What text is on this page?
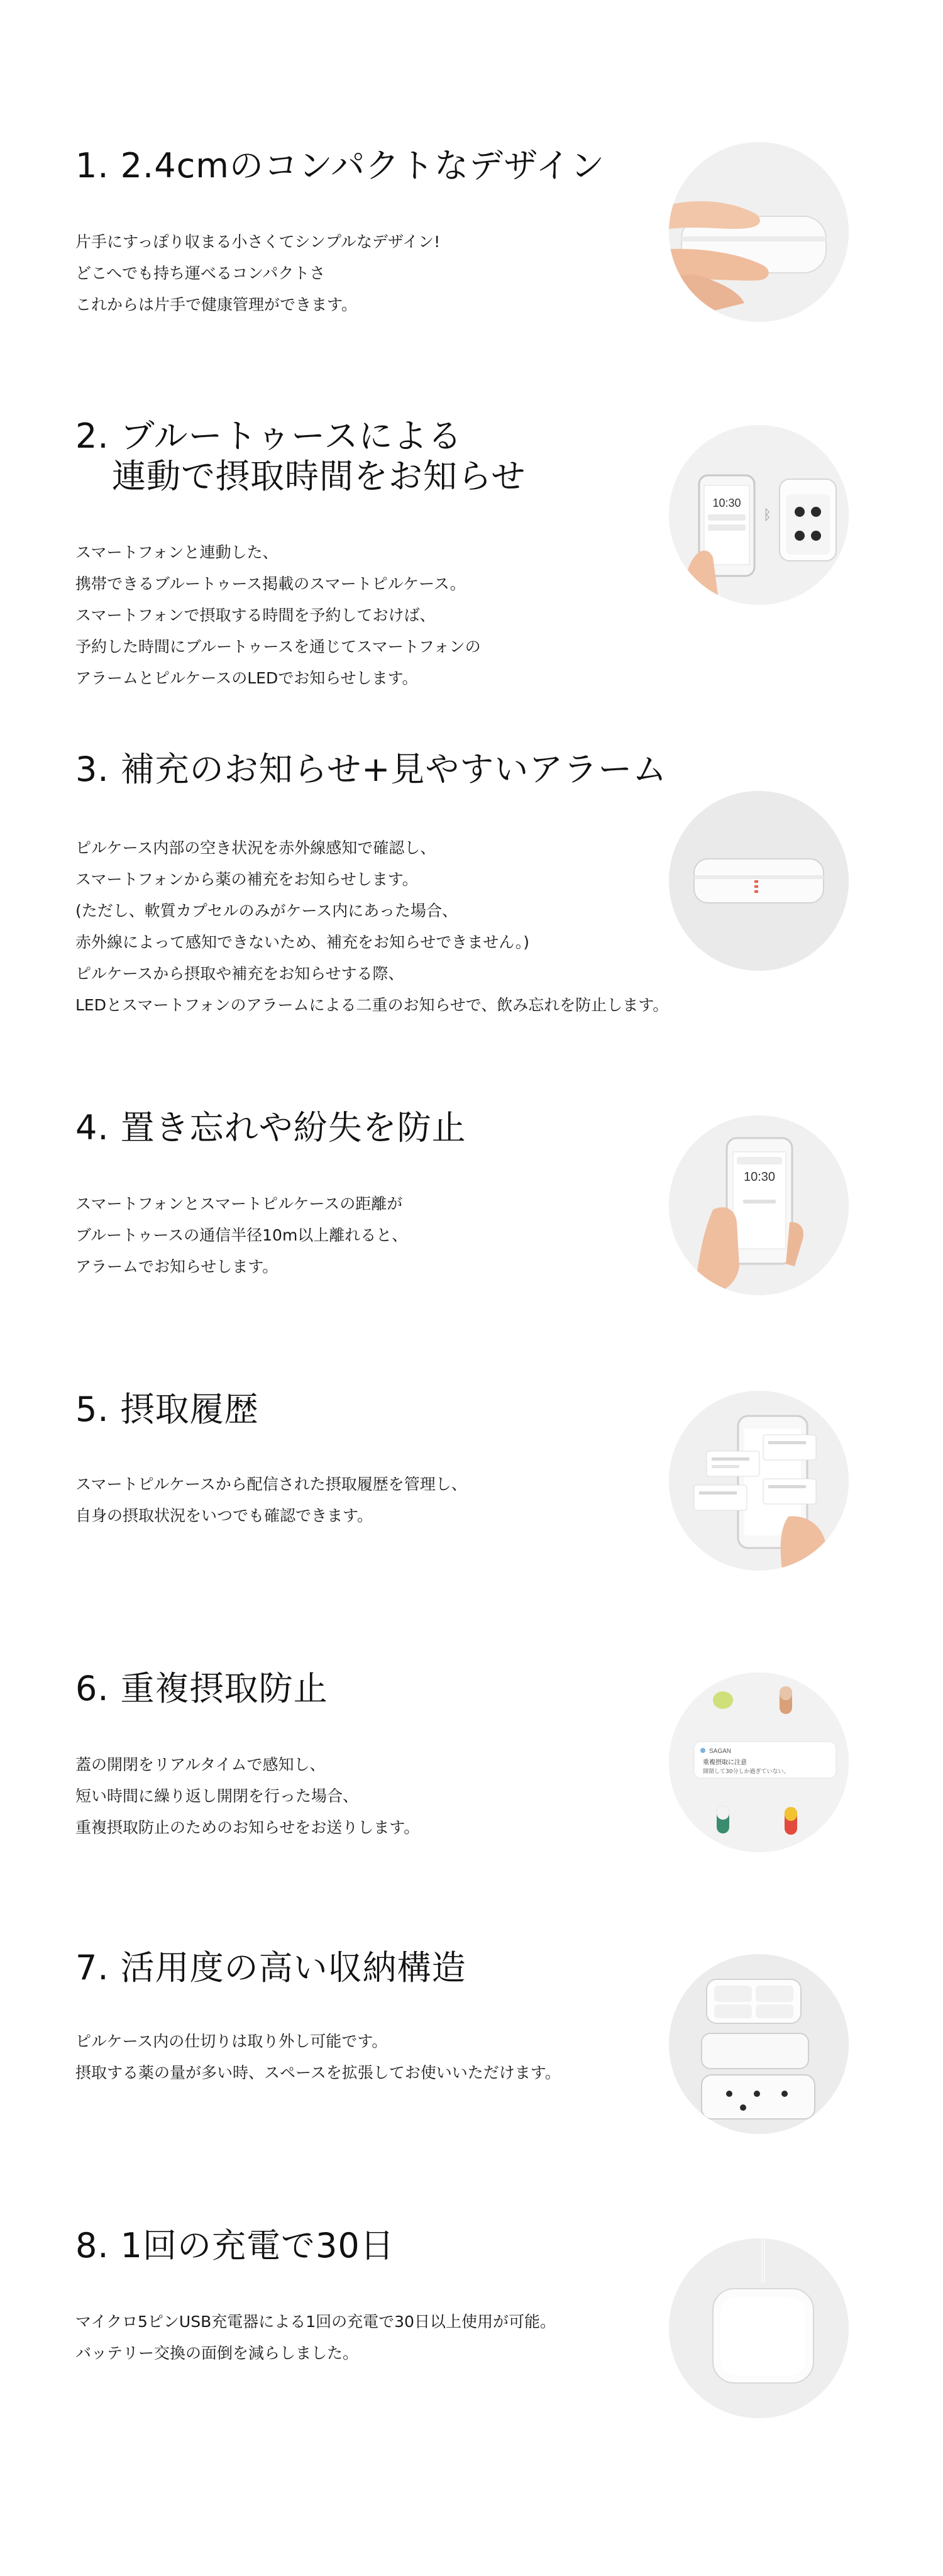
1. 2.4cmのコンパクトなデザイン

片手にすっぽり収まる小さくてシンプルなデザイン!
どこへでも持ち運べるコンパクトさ
これからは片手で健康管理ができます。

2. ブルートゥースによる
連動で摂取時間をお知らせ

スマートフォンと連動した、
携帯できるブルートゥース掲載のスマートピルケース。
スマートフォンで摂取する時間を予約しておけば、
予約した時間にブルートゥースを通じてスマートフォンの
アラームとピルケースのLEDでお知らせします。

10:30
ᛒ
3. 補充のお知らせ+見やすいアラーム

ピルケース内部の空き状況を赤外線感知で確認し、
スマートフォンから薬の補充をお知らせします。
(ただし、軟質カプセルのみがケース内にあった場合、
赤外線によって感知できないため、補充をお知らせできません。)
ピルケースから摂取や補充をお知らせする際、
LEDとスマートフォンのアラームによる二重のお知らせで、飲み忘れを防止します。

4. 置き忘れや紛失を防止

スマートフォンとスマートピルケースの距離が
ブルートゥースの通信半径10m以上離れると、
アラームでお知らせします。

10:30
5. 摂取履歴

スマートピルケースから配信された摂取履歴を管理し、
自身の摂取状況をいつでも確認できます。

6. 重複摂取防止

蓋の開閉をリアルタイムで感知し、
短い時間に繰り返し開閉を行った場合、
重複摂取防止のためのお知らせをお送りします。

SAGAN
重複摂取に注意
開閉して30分しか過ぎていない。
7. 活用度の高い収納構造

ピルケース内の仕切りは取り外し可能です。
摂取する薬の量が多い時、スペースを拡張してお使いいただけます。

8. 1回の充電で30日

マイクロ5ピンUSB充電器による1回の充電で30日以上使用が可能。
バッテリー交換の面倒を減らしました。
